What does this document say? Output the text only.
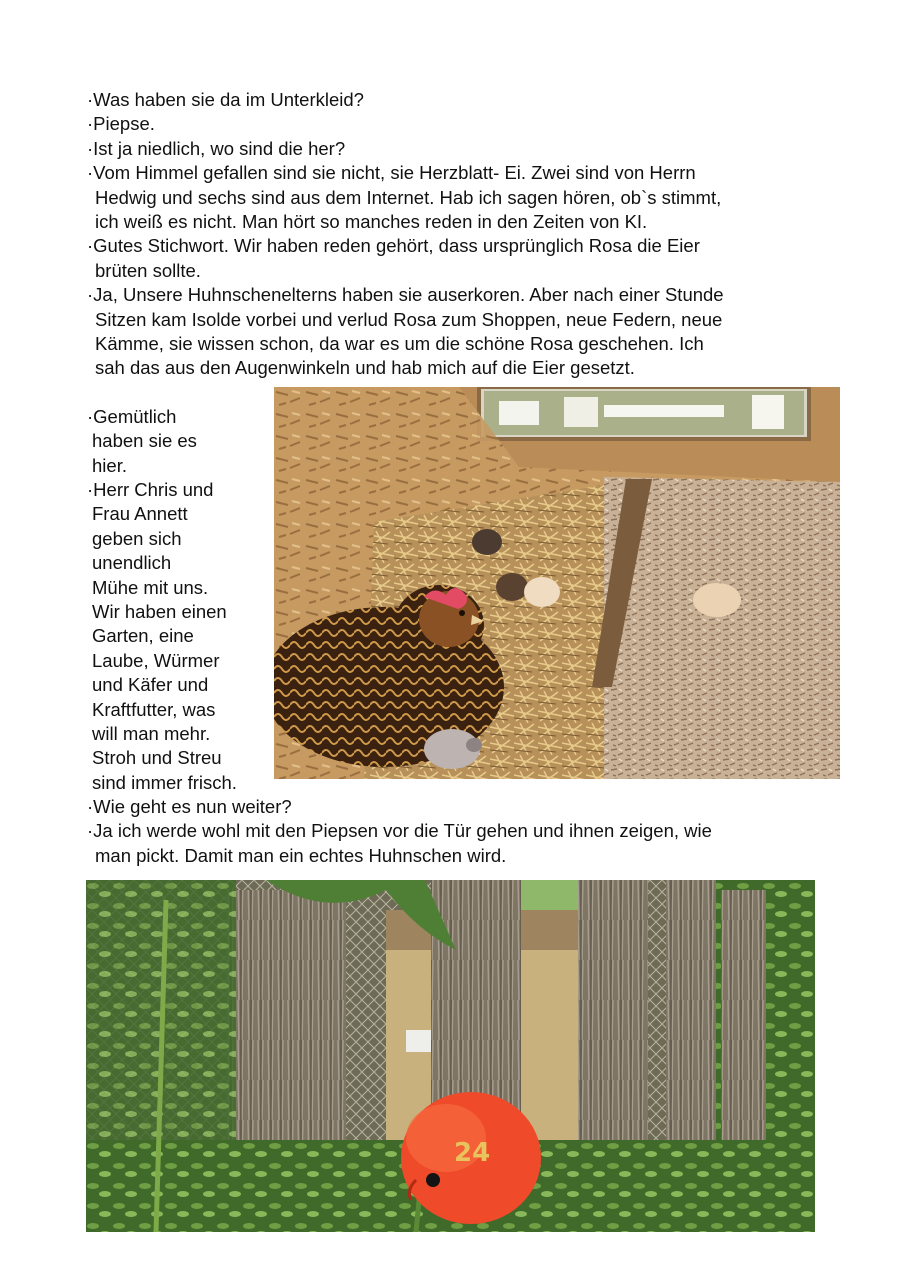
· Was haben sie da im Unterkleid?
· Piepse.
· Ist ja niedlich, wo sind die her?
· Vom Himmel gefallen sind sie nicht, sie Herzblatt- Ei. Zwei sind von Herrn
Hedwig und sechs sind aus dem Internet. Hab ich sagen hören, ob`s stimmt,
ich weiß es nicht. Man hört so manches reden in den Zeiten von KI.
· Gutes Stichwort. Wir haben reden gehört, dass ursprünglich Rosa die Eier
brüten sollte.
· Ja, Unsere Huhnschenelterns haben sie auserkoren. Aber nach einer Stunde
Sitzen kam Isolde vorbei und verlud Rosa zum Shoppen, neue Federn, neue
Kämme, sie wissen schon, da war es um die schöne Rosa geschehen. Ich
sah das aus den Augenwinkeln und hab mich auf die Eier gesetzt.
· Gemütlich
haben sie es
hier.
· Herr Chris und
Frau Annett
geben sich
unendlich
Mühe mit uns.
Wir haben einen
Garten, eine
Laube, Würmer
und Käfer und
Kraftfutter, was
will man mehr.
Stroh und Streu
sind immer frisch.
· Wie geht es nun weiter?
· Ja ich werde wohl mit den Piepsen vor die Tür gehen und ihnen zeigen, wie
man pickt. Damit man ein echtes Huhnschen wird.
24
